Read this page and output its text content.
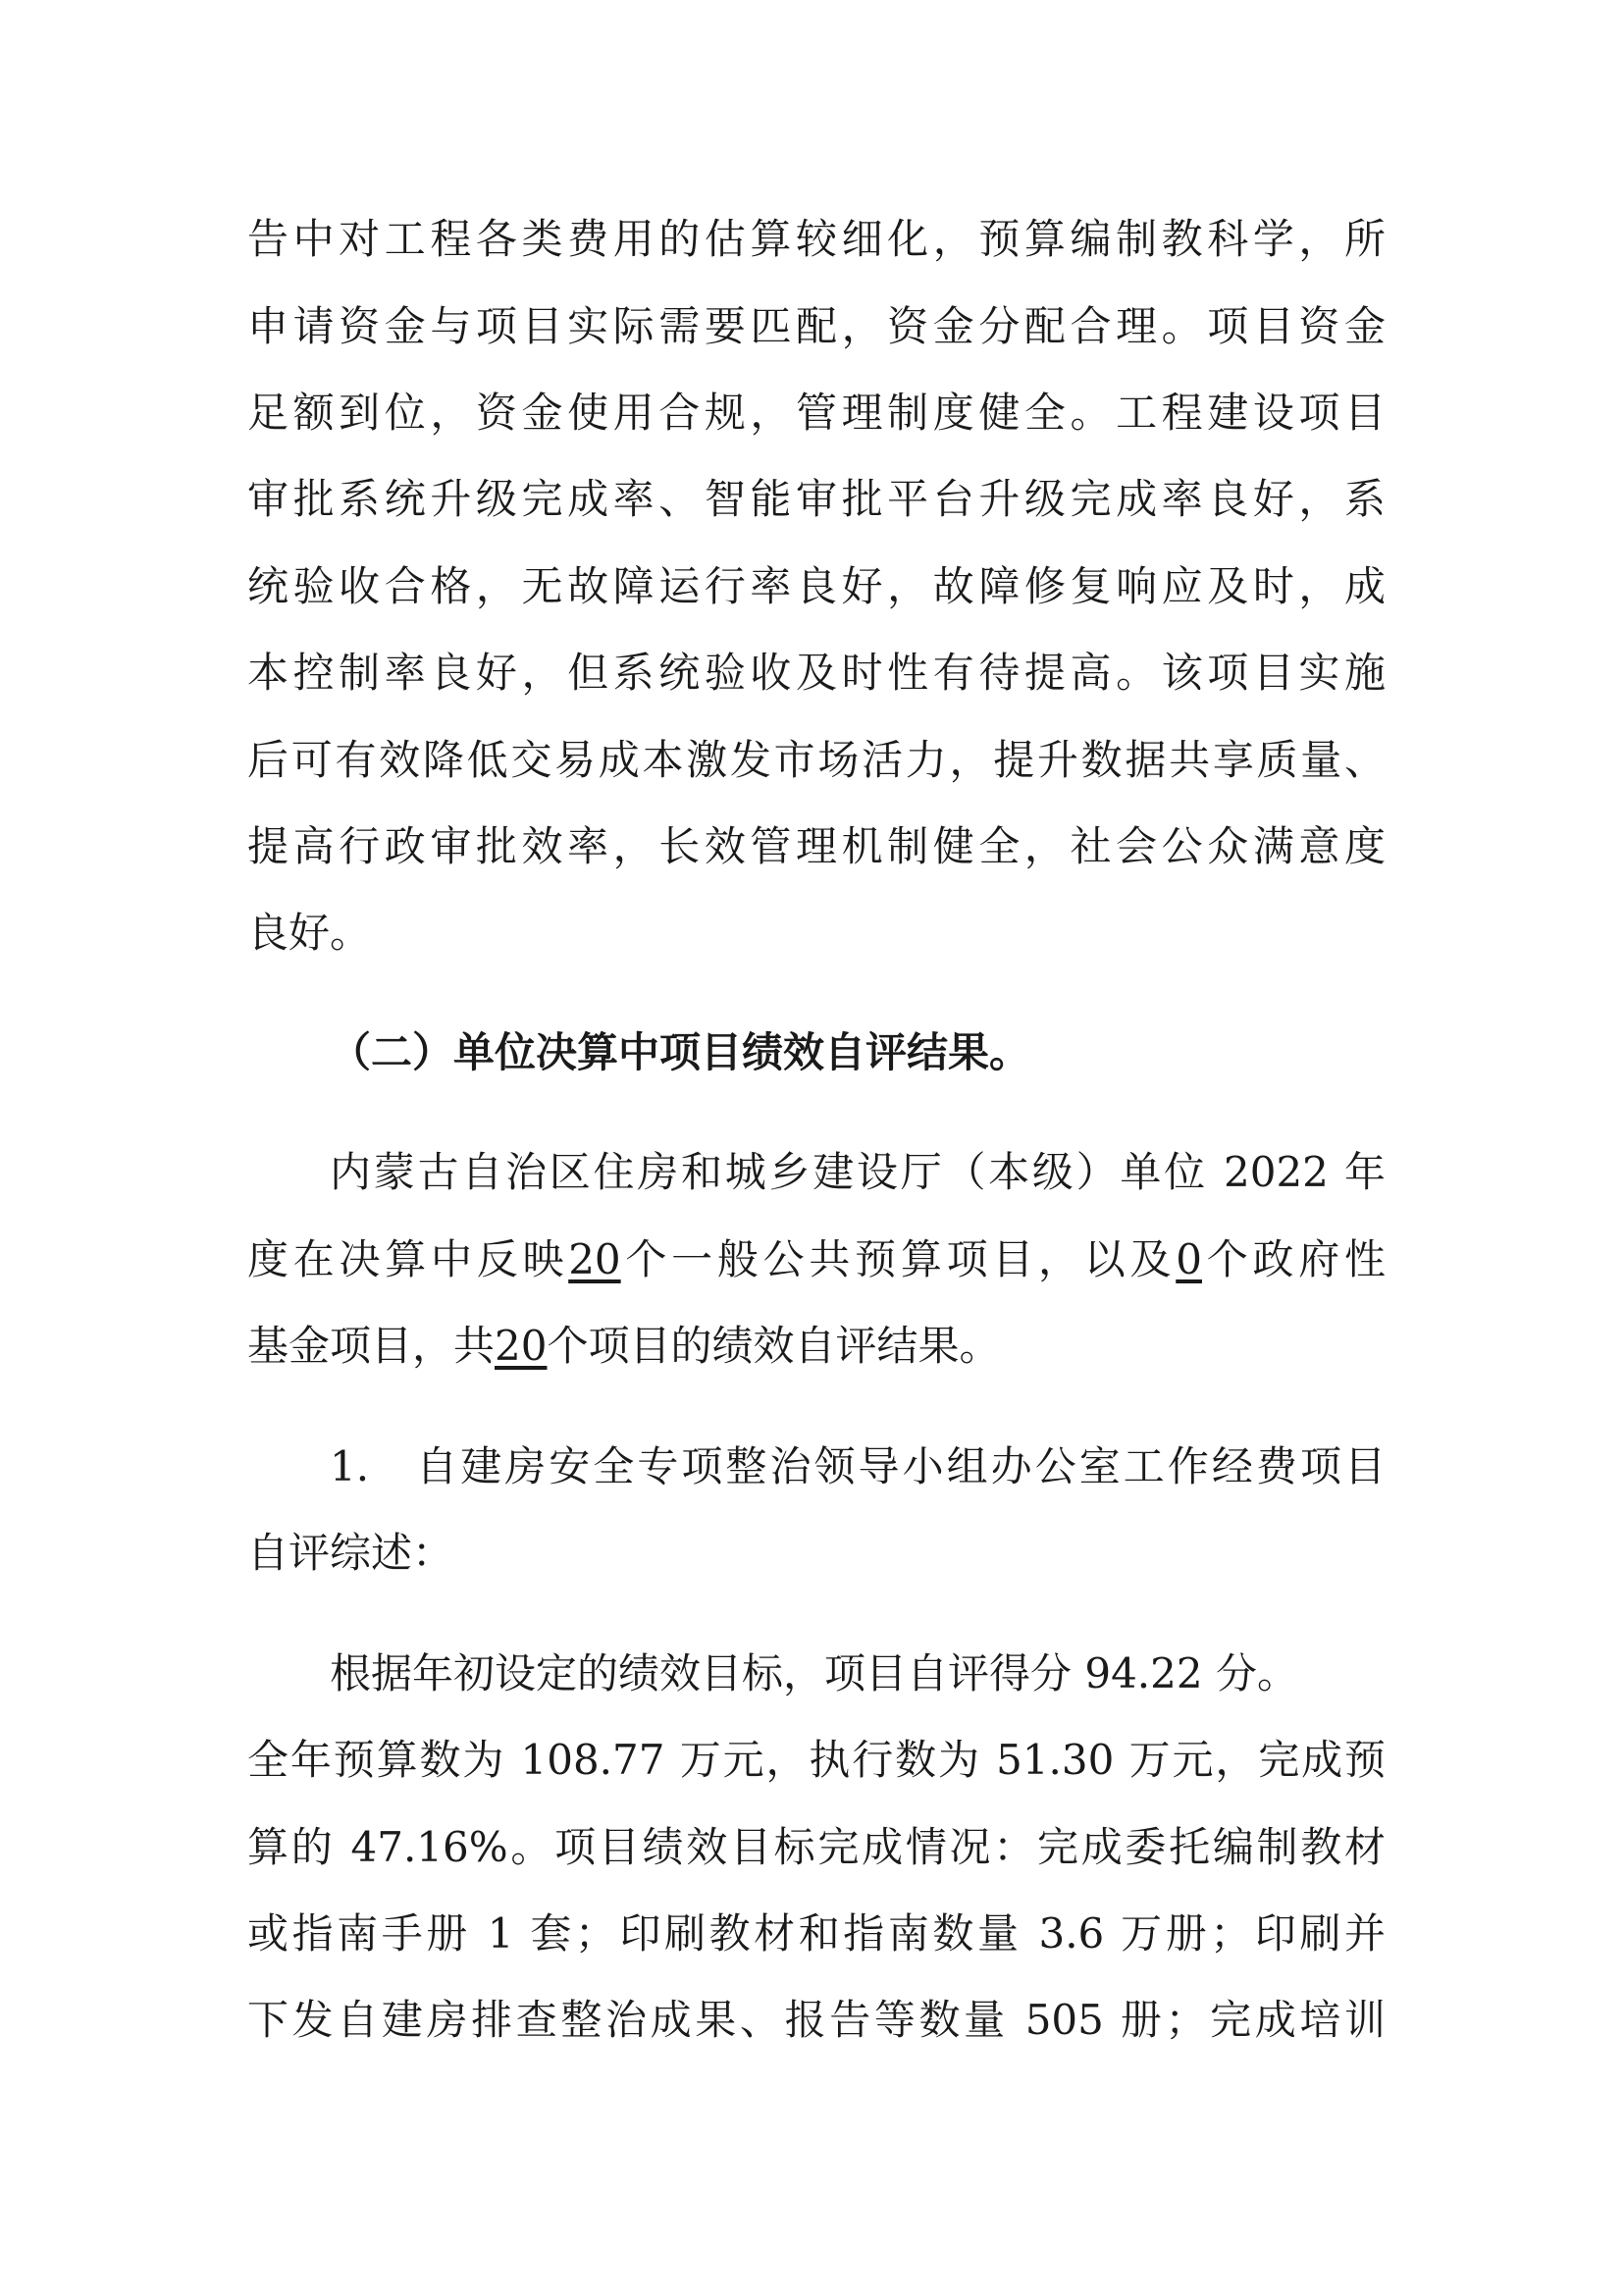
告中对工程各类费用的估算较细化，预算编制教科学，所
申请资金与项目实际需要匹配，资金分配合理。项目资金
足额到位，资金使用合规，管理制度健全。工程建设项目
审批系统升级完成率、智能审批平台升级完成率良好，系
统验收合格，无故障运行率良好，故障修复响应及时，成
本控制率良好，但系统验收及时性有待提高。该项目实施
后可有效降低交易成本激发市场活力，提升数据共享质量、
提高行政审批效率，长效管理机制健全，社会公众满意度
良好。
（二）单位决算中项目绩效自评结果。
内蒙古自治区住房和城乡建设厅（本级）单位 2022 年
度在决算中反映20个一般公共预算项目，以及0个政府性
基金项目，共20个项目的绩效自评结果。
1.　自建房安全专项整治领导小组办公室工作经费项目
自评综述：
根据年初设定的绩效目标，项目自评得分 94.22 分。
全年预算数为 108.77 万元，执行数为 51.30 万元，完成预
算的 47.16%。项目绩效目标完成情况：完成委托编制教材
或指南手册 1 套；印刷教材和指南数量 3.6 万册；印刷并
下发自建房排查整治成果、报告等数量 505 册；完成培训
